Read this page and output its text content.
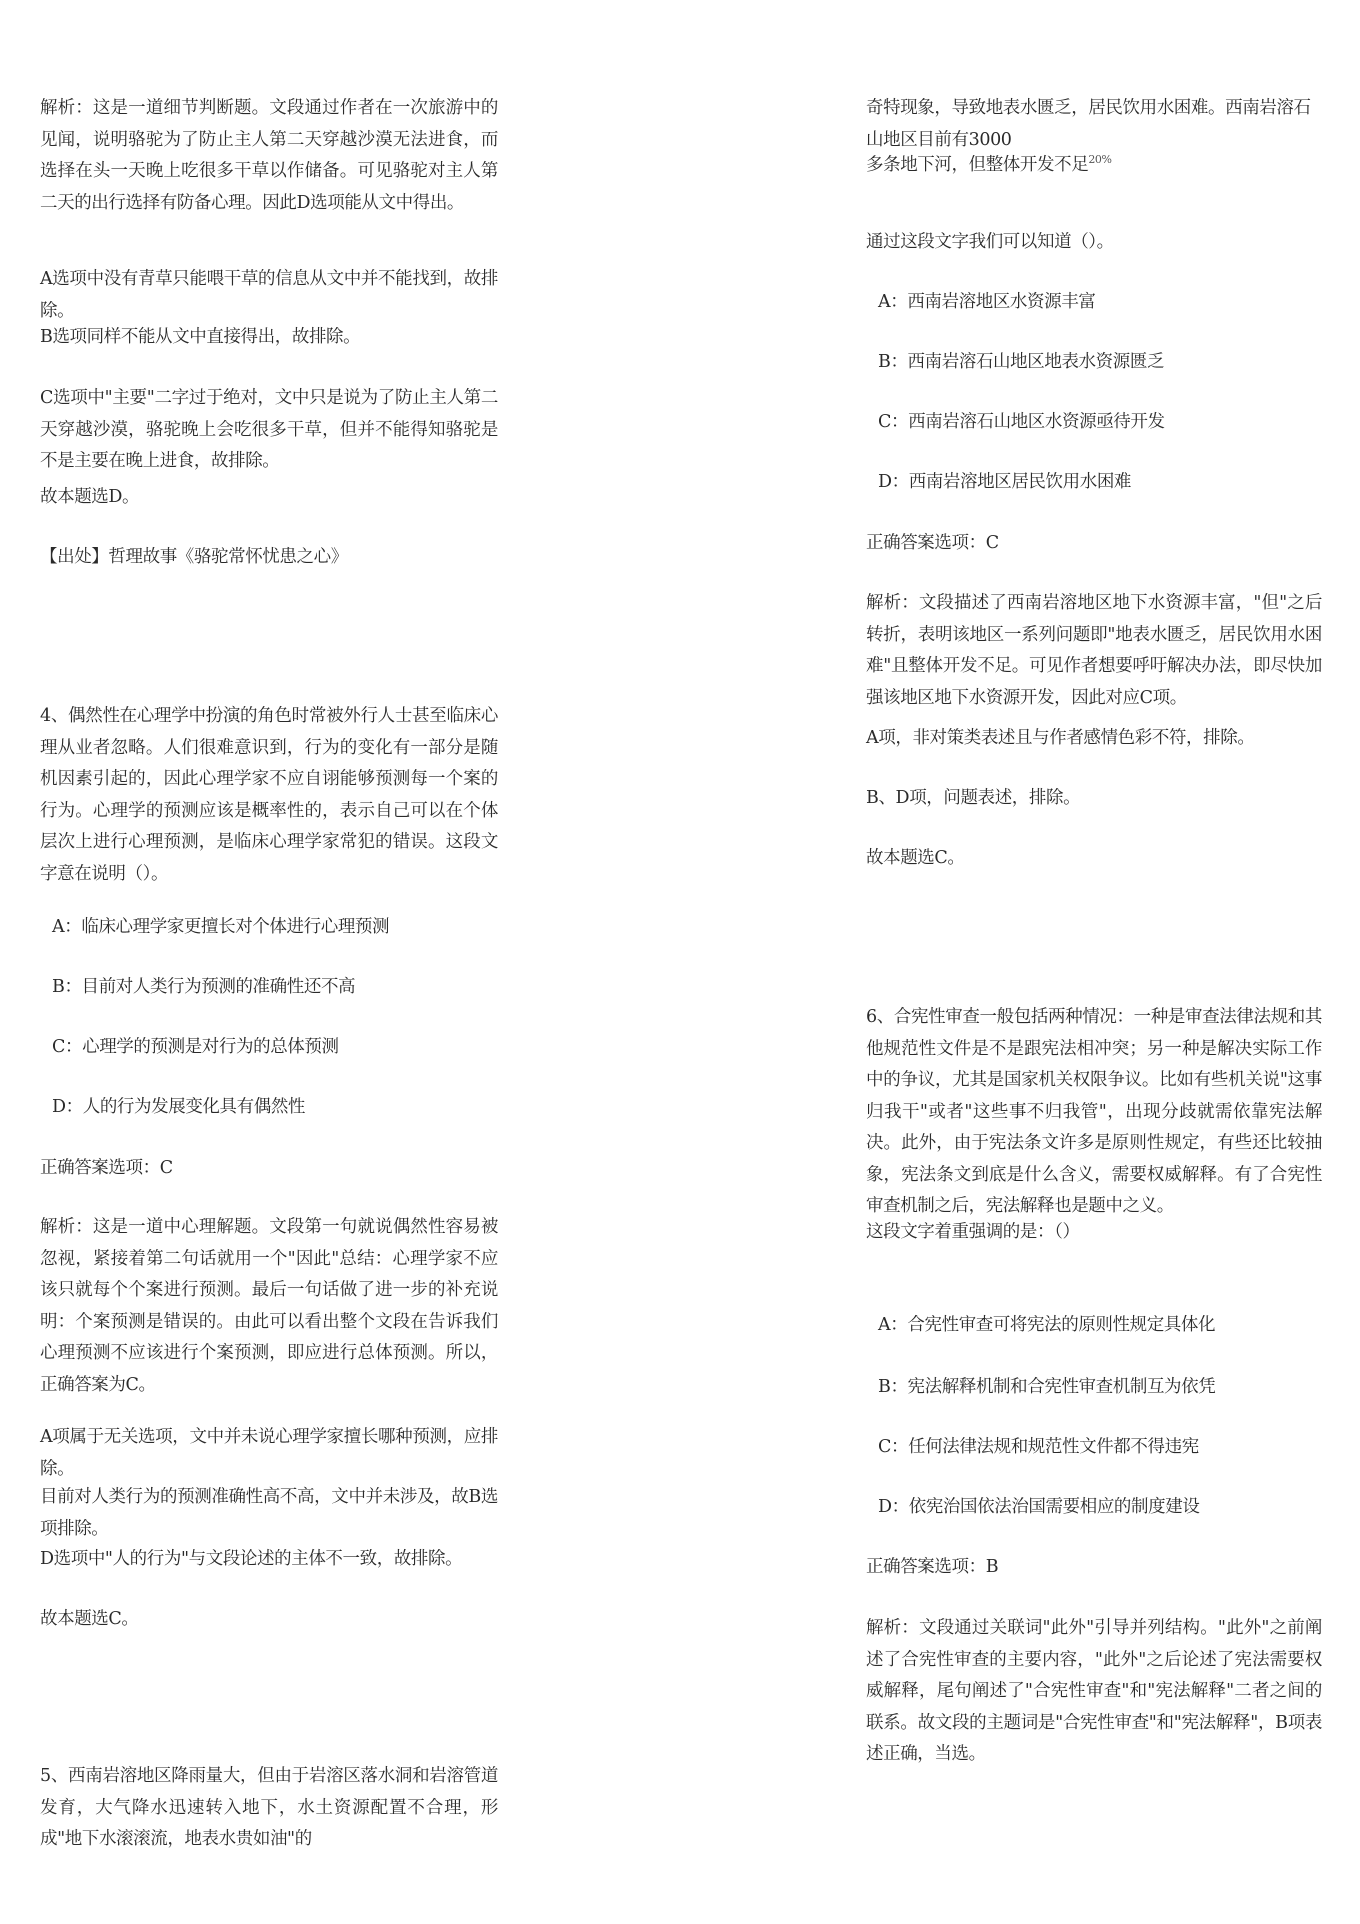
解析：这是一道细节判断题。文段通过作者在一次旅游中的见闻，说明骆驼为了防止主人第二天穿越沙漠无法进食，而选择在头一天晚上吃很多干草以作储备。可见骆驼对主人第二天的出行选择有防备心理。因此D选项能从文中得出。
A选项中没有青草只能喂干草的信息从文中并不能找到，故排除。
B选项同样不能从文中直接得出，故排除。
C选项中"主要"二字过于绝对，文中只是说为了防止主人第二天穿越沙漠，骆驼晚上会吃很多干草，但并不能得知骆驼是不是主要在晚上进食，故排除。
故本题选D。
【出处】哲理故事《骆驼常怀忧患之心》
4、偶然性在心理学中扮演的角色时常被外行人士甚至临床心理从业者忽略。人们很难意识到，行为的变化有一部分是随机因素引起的，因此心理学家不应自诩能够预测每一个案的行为。心理学的预测应该是概率性的，表示自己可以在个体层次上进行心理预测，是临床心理学家常犯的错误。这段文字意在说明（）。
A：临床心理学家更擅长对个体进行心理预测
B：目前对人类行为预测的准确性还不高
C：心理学的预测是对行为的总体预测
D：人的行为发展变化具有偶然性
正确答案选项：C
解析：这是一道中心理解题。文段第一句就说偶然性容易被忽视，紧接着第二句话就用一个"因此"总结：心理学家不应该只就每个个案进行预测。最后一句话做了进一步的补充说明：个案预测是错误的。由此可以看出整个文段在告诉我们心理预测不应该进行个案预测，即应进行总体预测。所以，正确答案为C。
A项属于无关选项，文中并未说心理学家擅长哪种预测，应排除。
目前对人类行为的预测准确性高不高，文中并未涉及，故B选项排除。
D选项中"人的行为"与文段论述的主体不一致，故排除。
故本题选C。
5、西南岩溶地区降雨量大，但由于岩溶区落水洞和岩溶管道发育，大气降水迅速转入地下，水土资源配置不合理，形成"地下水滚滚流，地表水贵如油"的
奇特现象，导致地表水匮乏，居民饮用水困难。西南岩溶石山地区目前有3000
多条地下河，但整体开发不足$^{20\%}$
通过这段文字我们可以知道（）。
A：西南岩溶地区水资源丰富
B：西南岩溶石山地区地表水资源匮乏
C：西南岩溶石山地区水资源亟待开发
D：西南岩溶地区居民饮用水困难
正确答案选项：C
解析：文段描述了西南岩溶地区地下水资源丰富，"但"之后转折，表明该地区一系列问题即"地表水匮乏，居民饮用水困难"且整体开发不足。可见作者想要呼吁解决办法，即尽快加强该地区地下水资源开发，因此对应C项。
A项，非对策类表述且与作者感情色彩不符，排除。
B、D项，问题表述，排除。
故本题选C。
6、合宪性审查一般包括两种情况：一种是审查法律法规和其他规范性文件是不是跟宪法相冲突；另一种是解决实际工作中的争议，尤其是国家机关权限争议。比如有些机关说"这事归我干"或者"这些事不归我管"，出现分歧就需依靠宪法解决。此外，由于宪法条文许多是原则性规定，有些还比较抽象，宪法条文到底是什么含义，需要权威解释。有了合宪性审查机制之后，宪法解释也是题中之义。
这段文字着重强调的是：（）
A：合宪性审查可将宪法的原则性规定具体化
B：宪法解释机制和合宪性审查机制互为依凭
C：任何法律法规和规范性文件都不得违宪
D：依宪治国依法治国需要相应的制度建设
正确答案选项：B
解析：文段通过关联词"此外"引导并列结构。"此外"之前阐述了合宪性审查的主要内容，"此外"之后论述了宪法需要权威解释，尾句阐述了"合宪性审查"和"宪法解释"二者之间的联系。故文段的主题词是"合宪性审查"和"宪法解释"，B项表述正确，当选。
